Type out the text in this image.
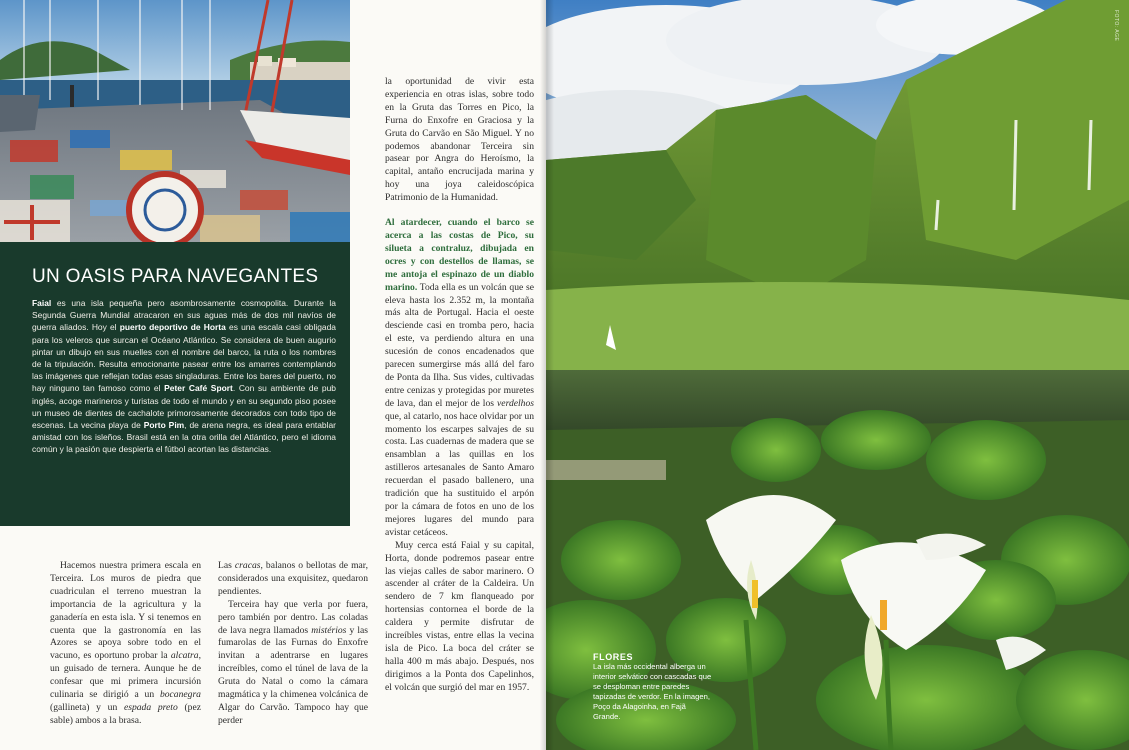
UN OASIS PARA NAVEGANTES

Faial es una isla pequeña pero asombrosamente cosmopolita. Durante la Segunda Guerra Mundial atracaron en sus aguas más de dos mil navíos de guerra aliados. Hoy el puerto deportivo de Horta es una escala casi obligada para los veleros que surcan el Océano Atlántico. Se considera de buen augurio pintar un dibujo en sus muelles con el nombre del barco, la ruta o los nombres de la tripulación. Resulta emocionante pasear entre los amarres contemplando las imágenes que reflejan todas esas singladuras. Entre los bares del puerto, no hay ninguno tan famoso como el Peter Café Sport. Con su ambiente de pub inglés, acoge marineros y turistas de todo el mundo y en su segundo piso posee un museo de dientes de cachalote primorosamente decorados con todo tipo de escenas. La vecina playa de Porto Pim, de arena negra, es ideal para entablar amistad con los isleños. Brasil está en la otra orilla del Atlántico, pero el idioma común y la pasión que despierta el fútbol acortan las distancias.

Hacemos nuestra primera escala en Terceira. Los muros de piedra que cuadriculan el terreno muestran la importancia de la agricultura y la ganadería en esta isla. Y si tenemos en cuenta que la gastronomía en las Azores se apoya sobre todo en el vacuno, es oportuno probar la alcatra, un guisado de ternera. Aunque he de confesar que mi primera incursión culinaria se dirigió a un bocanegra (gallineta) y un espada preto (pez sable) ambos a la brasa.

Las cracas, balanos o bellotas de mar, considerados una exquisitez, quedaron pendientes.

Terceira hay que verla por fuera, pero también por dentro. Las coladas de lava negra llamados mistérios y las fumarolas de las Furnas do Enxofre invitan a adentrarse en lugares increíbles, como el túnel de lava de la Gruta do Natal o como la cámara magmática y la chimenea volcánica de Algar do Carvão. Tampoco hay que perder

la oportunidad de vivir esta experiencia en otras islas, sobre todo en la Gruta das Torres en Pico, la Furna do Enxofre en Graciosa y la Gruta do Carvão en São Miguel. Y no podemos abandonar Terceira sin pasear por Angra do Heroísmo, la capital, antaño encrucijada marina y hoy una joya caleidoscópica Patrimonio de la Humanidad.

Al atardecer, cuando el barco se acerca a las costas de Pico, su silueta a contraluz, dibujada en ocres y con destellos de llamas, se me antoja el espinazo de un diablo marino. Toda ella es un volcán que se eleva hasta los 2.352 m, la montaña más alta de Portugal. Hacia el oeste desciende casi en tromba pero, hacia el este, va perdiendo altura en una sucesión de conos encadenados que parecen sumergirse más allá del faro de Ponta da Ilha. Sus vides, cultivadas entre cenizas y protegidas por muretes de lava, dan el mejor de los verdelhos que, al catarlo, nos hace olvidar por un momento los escarpes salvajes de su costa. Las cuadernas de madera que se ensamblan a las quillas en los astilleros artesanales de Santo Amaro recuerdan el pasado ballenero, una tradición que ha sustituido el arpón por la cámara de fotos en uno de los mejores lugares del mundo para avistar cetáceos.

Muy cerca está Faial y su capital, Horta, donde podremos pasear entre las viejas calles de sabor marinero. O ascender al cráter de la Caldeira. Un sendero de 7 km flanqueado por hortensias contornea el borde de la caldera y permite disfrutar de increíbles vistas, entre ellas la vecina isla de Pico. La boca del cráter se halla 400 m más abajo. Después, nos dirigimos a la Ponta dos Capelinhos, el volcán que surgió del mar en 1957.

FOTO: AGE
FLORES
La isla más occidental alberga un interior selvático con cascadas que se desploman entre paredes tapizadas de verdor. En la imagen, Poço da Alagoinha, en Fajã Grande.
